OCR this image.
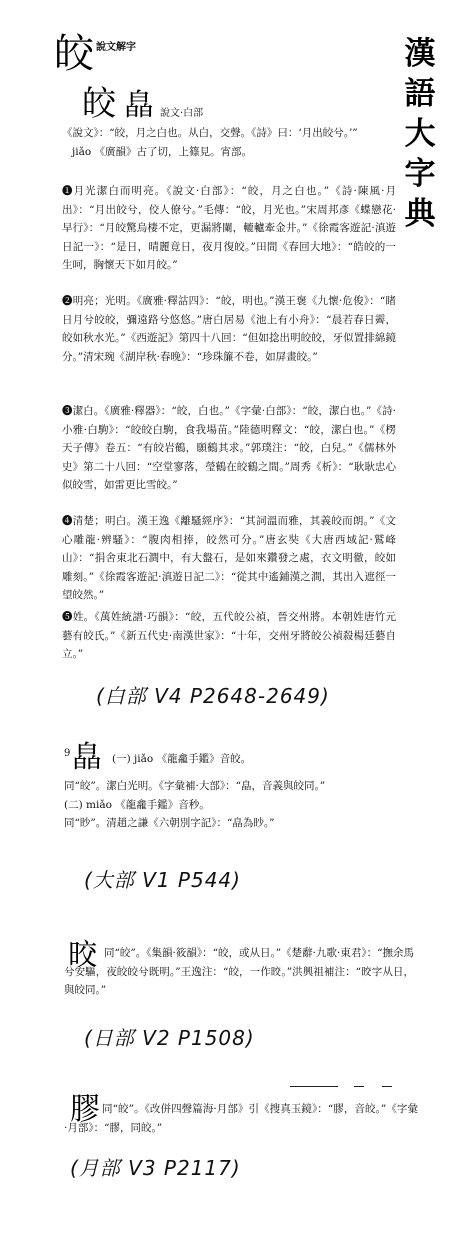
漢
語
大
字
典
皎 說文解字
皎 皛 說文·白部
《說文》：“皎，月之白也。从白，交聲。《詩》曰：‘月出皎兮。’”
jiǎo 《廣韻》古了切，上篠見。宵部。
❶月光潔白而明亮。《說文·白部》：“皎，月之白也。”《詩·陳風·月出》：“月出皎兮，佼人僚兮。”毛傳：“皎，月光也。”宋周邦彥《蝶戀花·早行》：“月皎驚烏棲不定，更漏將闌，轆轤牽金井。”《徐霞客遊記·滇遊日記一》：“是日，晴麗竟日，夜月復皎。”田間《春回大地》：“皓皎的一生呵，胸懷天下如月皎。”
❷明亮；光明。《廣雅·釋詁四》：“皎，明也。”漢王褒《九懷·危俊》：“睹日月兮皎皎，彌遠路兮悠悠。”唐白居易《池上有小舟》：“晨若春日霽，皎如秋水光。”《西遊記》第四十八回：“但如捻出明皎皎，牙似置排綿鏡分。”清宋琬《湖岸秋·春晚》：“珍珠簾不卷，如屏畫皎。”
❸潔白。《廣雅·釋器》：“皎，白也。”《字彙·白部》：“皎，潔白也。”《詩·小雅·白駒》：“皎皎白駒，食我場苗。”陸德明釋文：“皎，潔白也。”《楞天子傳》卷五：“有皎岩鶴，願鶴其求。”郭璞注：“皎，白兒。”《儒林外史》第二十八回：“空堂寥落，瑩鶴在皎鶴之間。”周秀《析》：“耿耿忠心似皎雪，如雷更比雪皎。”
❹清楚；明白。漢王逸《離騷經序》：“其詞溫而雅，其義皎而朗。”《文心雕龍·辨騷》：“腹肉相捧，皎然可分。”唐玄奘《大唐西域記·鷲峰山》：“捐舍東北石澗中，有大盤石，是如來鑽發之處，衣文明徹，皎如雕刻。”《徐霞客遊記·滇遊日記二》：“從其中遙鋪漢之澗，其出入遮徑一望皎然。”
❺姓。《萬姓統譜·巧韻》：“皎，五代皎公禎，晉交州將。本朝姓唐竹元藝有皎氏。”《新五代史·南漢世家》：“十年，交州牙將皎公禎殺楊廷藝自立。”
(白部 V4 P2648-2649)
9 皛 (一) jiǎo 《龍龕手鑑》音皎。
同“皎”。潔白光明。《字彙補·大部》：“皛，音義與皎同。”
(二) miǎo 《龍龕手鑑》音秒。
同“眇”。清趙之謙《六朝別字記》：“皛為眇。”
(大部 V1 P544)
晈 同“皎”。《集韻·筱韻》：“皎，或从日。”《楚辭·九歌·東君》：“撫余馬兮安驅，夜皎皎兮既明。”王逸注：“皎，一作晈。”洪興祖補注：“晈字从日，與皎同。”
(日部 V2 P1508)
膠 同“皎”。《改併四聲篇海·月部》引《搜真玉鏡》：“膠，音皎。”《字彙·月部》：“膠，同皎。”
(月部 V3 P2117)
